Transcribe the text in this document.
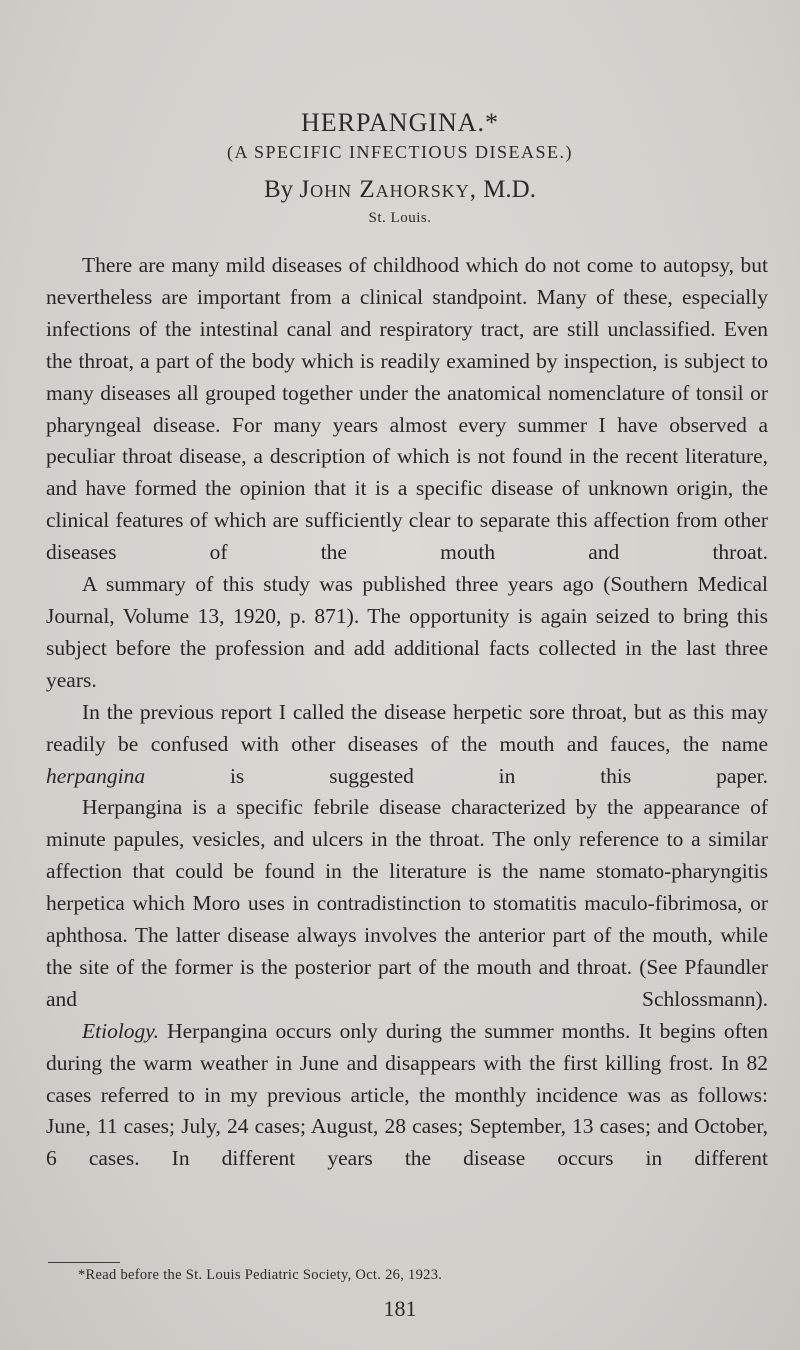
HERPANGINA.*
(A SPECIFIC INFECTIOUS DISEASE.)
By John Zahorsky, M.D.
St. Louis.

There are many mild diseases of childhood which do not come to autopsy, but nevertheless are important from a clinical standpoint. Many of these, especially infections of the intestinal canal and respiratory tract, are still unclassified. Even the throat, a part of the body which is readily examined by inspection, is subject to many diseases all grouped together under the anatomical nomenclature of tonsil or pharyngeal disease. For many years almost every summer I have observed a peculiar throat disease, a description of which is not found in the recent literature, and have formed the opinion that it is a specific disease of unknown origin, the clinical features of which are sufficiently clear to separate this affection from other diseases of the mouth and throat.

A summary of this study was published three years ago (Southern Medical Journal, Volume 13, 1920, p. 871). The opportunity is again seized to bring this subject before the profession and add additional facts collected in the last three years.

In the previous report I called the disease herpetic sore throat, but as this may readily be confused with other diseases of the mouth and fauces, the name herpangina	is suggested in this paper.

Herpangina is a specific febrile disease characterized by the appearance of minute papules, vesicles, and ulcers in the throat. The only reference to a similar affection that could be found in the literature is the name stomato-pharyngitis herpetica which Moro uses in contradistinction to stomatitis maculo-fibrimosa, or aphthosa. The latter disease always involves the anterior part of the mouth, while the site of the former is the posterior part of the mouth and throat. (See Pfaundler and Schlossmann).

Etiology. Herpangina occurs only during the summer months. It begins often during the warm weather in June and disappears with the first killing frost. In 82 cases referred to in my previous article, the monthly incidence was as follows: June, 11 cases; July, 24 cases; August, 28 cases; September, 13 cases; and October, 6 cases. In different years the disease occurs in different

*Read before the St. Louis Pediatric Society, Oct. 26, 1923.
181
